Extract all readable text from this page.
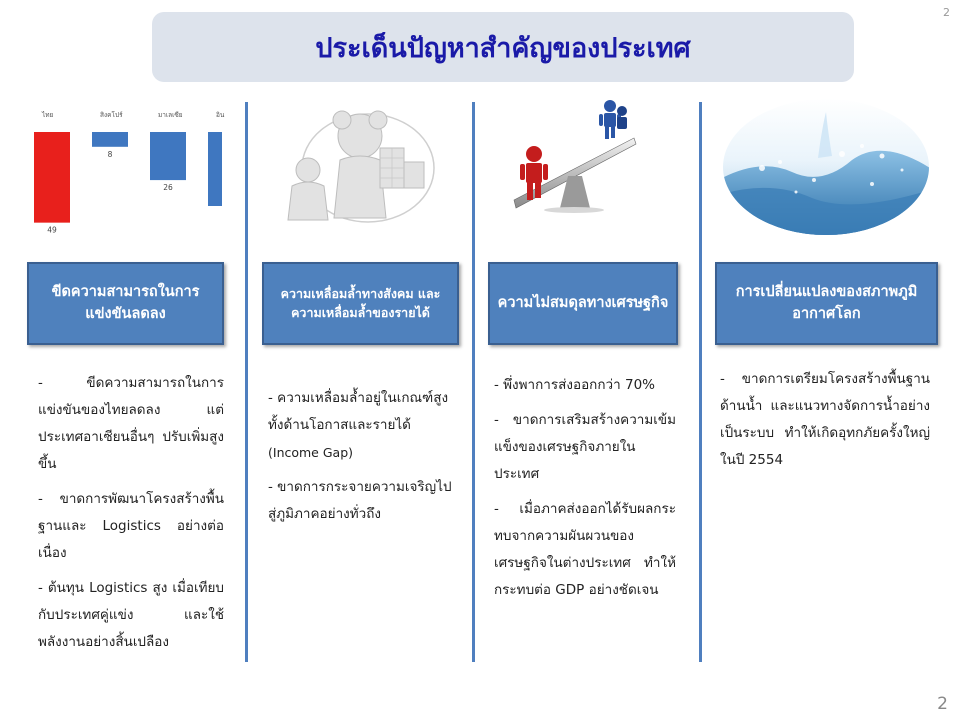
2
ประเด็นปัญหาสำคัญของประเทศ
ไทย
49
สิงคโปร์
8
มาเลเซีย
26
อิน
ขีดความสามารถในการแข่งขันลดลง
- ขีดความสามารถในการแข่งขันของไทยลดลง แต่ประเทศอาเซียนอื่นๆ ปรับเพิ่มสูงขึ้น
- ขาดการพัฒนาโครงสร้างพื้นฐานและ Logistics อย่างต่อเนื่อง
- ต้นทุน Logistics สูง เมื่อเทียบกับประเทศคู่แข่ง และใช้พลังงานอย่างสิ้นเปลือง
ความเหลื่อมล้ำทางสังคม และ ความเหลื่อมล้ำของรายได้
- ความเหลื่อมล้ำอยู่ในเกณฑ์สูง ทั้งด้านโอกาสและรายได้
(Income Gap)
- ขาดการกระจายความเจริญไปสู่ภูมิภาคอย่างทั่วถึง
ความไม่สมดุลทางเศรษฐกิจ
- พึ่งพาการส่งออกกว่า 70%
- ขาดการเสริมสร้างความเข้มแข็งของเศรษฐกิจภายในประเทศ
- เมื่อภาคส่งออกได้รับผลกระทบจากความผันผวนของเศรษฐกิจในต่างประเทศ ทำให้กระทบต่อ GDP อย่างชัดเจน
การเปลี่ยนแปลงของสภาพภูมิอากาศโลก
- ขาดการเตรียมโครงสร้างพื้นฐานด้านน้ำ และแนวทางจัดการน้ำอย่างเป็นระบบ ทำให้เกิดอุทกภัยครั้งใหญ่ในปี 2554
2
